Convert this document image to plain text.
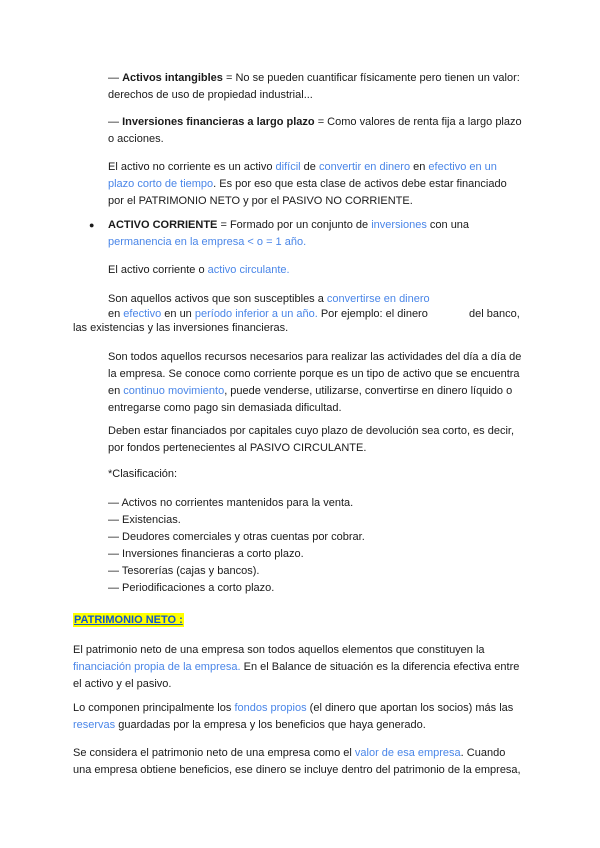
— Activos intangibles = No se pueden cuantificar físicamente pero tienen un valor:
derechos de uso de propiedad industrial...

— Inversiones financieras a largo plazo = Como valores de renta fija a largo plazo
o acciones.

El activo no corriente es un activo difícil de convertir en dinero en efectivo en un
plazo corto de tiempo. Es por eso que esta clase de activos debe estar financiado
por el PATRIMONIO NETO y por el PASIVO NO CORRIENTE.

● ACTIVO CORRIENTE = Formado por un conjunto de inversiones con una
permanencia en la empresa < o = 1 año.

El activo corriente o activo circulante.

Son aquellos activos que son susceptibles a convertirse en dinero

en efectivo en un período inferior a un año. Por ejemplo: el dinero	del banco,

las existencias y las inversiones financieras.

Son todos aquellos recursos necesarios para realizar las actividades del día a día de
la empresa. Se conoce como corriente porque es un tipo de activo que se encuentra
en continuo movimiento, puede venderse, utilizarse, convertirse en dinero líquido o
entregarse como pago sin demasiada dificultad.

Deben estar financiados por capitales cuyo plazo de devolución sea corto, es decir,
por fondos pertenecientes al PASIVO CIRCULANTE.

*Clasificación:

— Activos no corrientes mantenidos para la venta.
— Existencias.
— Deudores comerciales y otras cuentas por cobrar.
— Inversiones financieras a corto plazo.
— Tesorerías (cajas y bancos).
— Periodificaciones a corto plazo.
PATRIMONIO NETO :

El patrimonio neto de una empresa son todos aquellos elementos que constituyen la
financiación propia de la empresa. En el Balance de situación es la diferencia efectiva entre
el activo y el pasivo.

Lo componen principalmente los fondos propios (el dinero que aportan los socios) más las
reservas guardadas por la empresa y los beneficios que haya generado.

Se considera el patrimonio neto de una empresa como el valor de esa empresa. Cuando
una empresa obtiene beneficios, ese dinero se incluye dentro del patrimonio de la empresa,
